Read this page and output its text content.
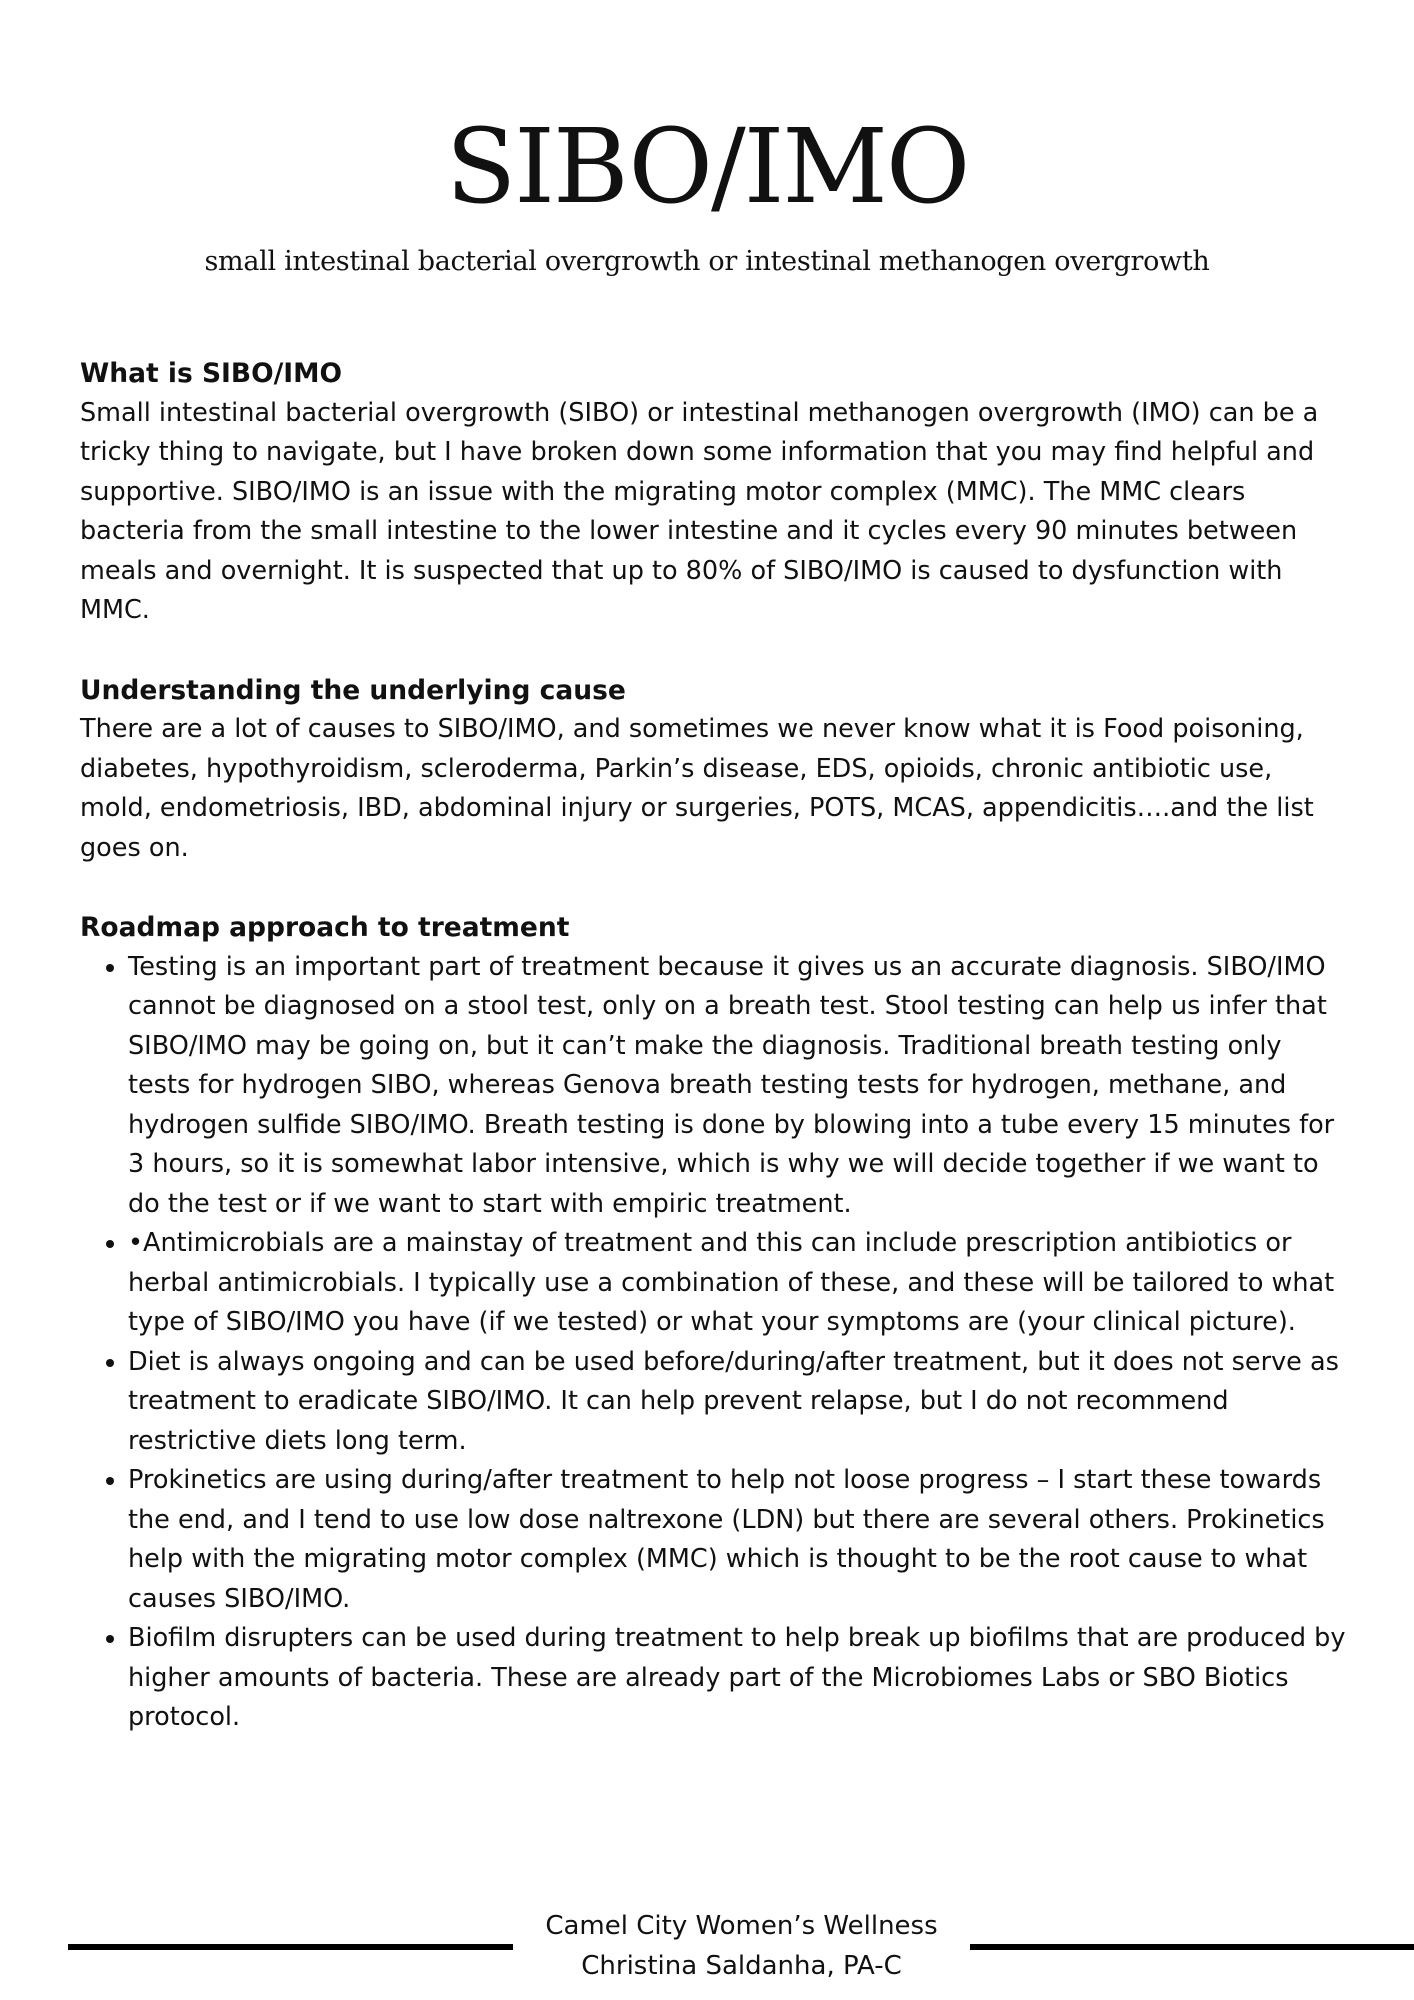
SIBO/IMO
small intestinal bacterial overgrowth or intestinal methanogen overgrowth
What is SIBO/IMO

Small intestinal bacterial overgrowth (SIBO) or intestinal methanogen overgrowth (IMO) can be a tricky thing to navigate, but I have broken down some information that you may find helpful and supportive. SIBO/IMO is an issue with the migrating motor complex (MMC). The MMC clears bacteria from the small intestine to the lower intestine and it cycles every 90 minutes between meals and overnight. It is suspected that up to 80% of SIBO/IMO is caused to dysfunction with MMC.

Understanding the underlying cause

There are a lot of causes to SIBO/IMO, and sometimes we never know what it is Food poisoning, diabetes, hypothyroidism, scleroderma, Parkin’s disease, EDS, opioids, chronic antibiotic use, mold, endometriosis, IBD, abdominal injury or surgeries, POTS, MCAS, appendicitis….and the list goes on.

Roadmap approach to treatment
• Testing is an important part of treatment because it gives us an accurate diagnosis. SIBO/IMO cannot be diagnosed on a stool test, only on a breath test. Stool testing can help us infer that SIBO/IMO may be going on, but it can’t make the diagnosis. Traditional breath testing only tests for hydrogen SIBO, whereas Genova breath testing tests for hydrogen, methane, and hydrogen sulfide SIBO/IMO. Breath testing is done by blowing into a tube every 15 minutes for 3 hours, so it is somewhat labor intensive, which is why we will decide together if we want to do the test or if we want to start with empiric treatment.
• •Antimicrobials are a mainstay of treatment and this can include prescription antibiotics or herbal antimicrobials. I typically use a combination of these, and these will be tailored to what type of SIBO/IMO you have (if we tested) or what your symptoms are (your clinical picture).
• Diet is always ongoing and can be used before/during/after treatment, but it does not serve as treatment to eradicate SIBO/IMO. It can help prevent relapse, but I do not recommend restrictive diets long term.
• Prokinetics are using during/after treatment to help not loose progress – I start these towards the end, and I tend to use low dose naltrexone (LDN) but there are several others. Prokinetics help with the migrating motor complex (MMC) which is thought to be the root cause to what causes SIBO/IMO.
• Biofilm disrupters can be used during treatment to help break up biofilms that are produced by higher amounts of bacteria. These are already part of the Microbiomes Labs or SBO Biotics protocol.
Camel City Women’s Wellness
Christina Saldanha, PA-C
